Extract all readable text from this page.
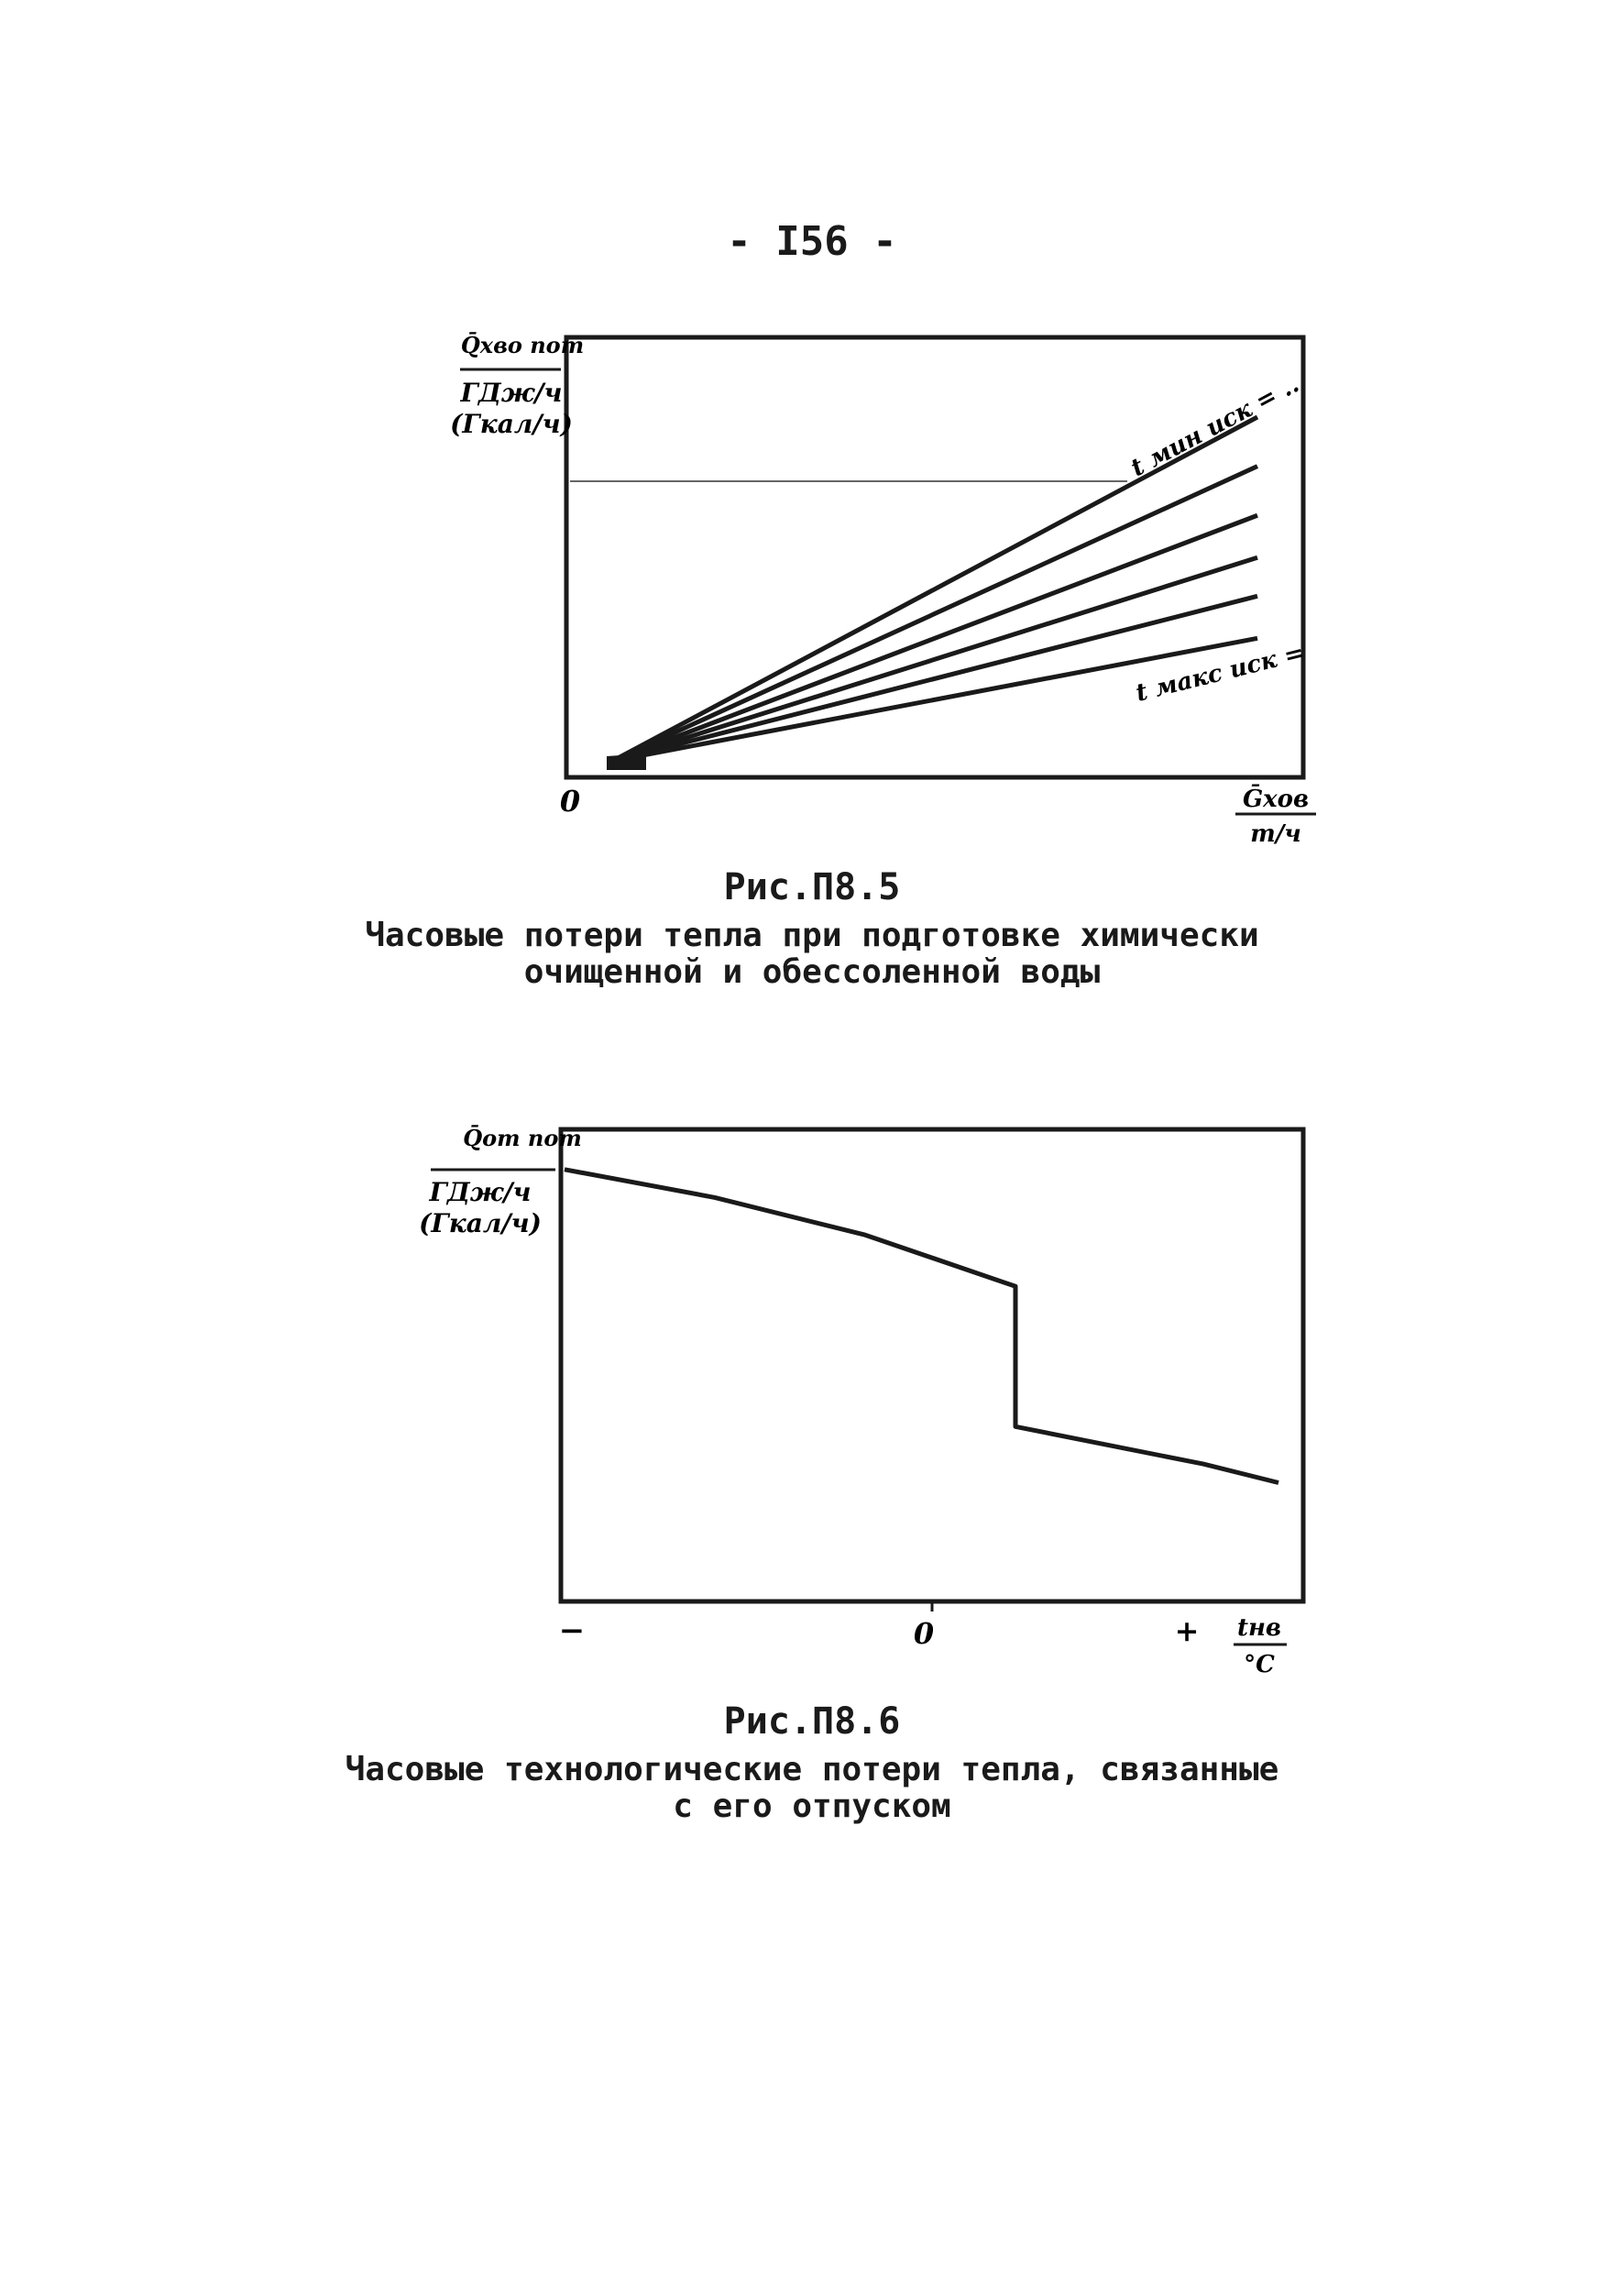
- I56 -
Q̄хво пот
ГДж/ч
(Гкал/ч)
0	Ḡхов
т/ч
t мин иск = ..
t макс иск =
Q̄от пот
ГДж/ч
(Гкал/ч)
−	0	+ tнв
°C
Рис.П8.5
Часовые потери тепла при подготовке химически
очищенной и обессоленной воды
Рис.П8.6
Часовые технологические потери тепла, связанные
с его отпуском
